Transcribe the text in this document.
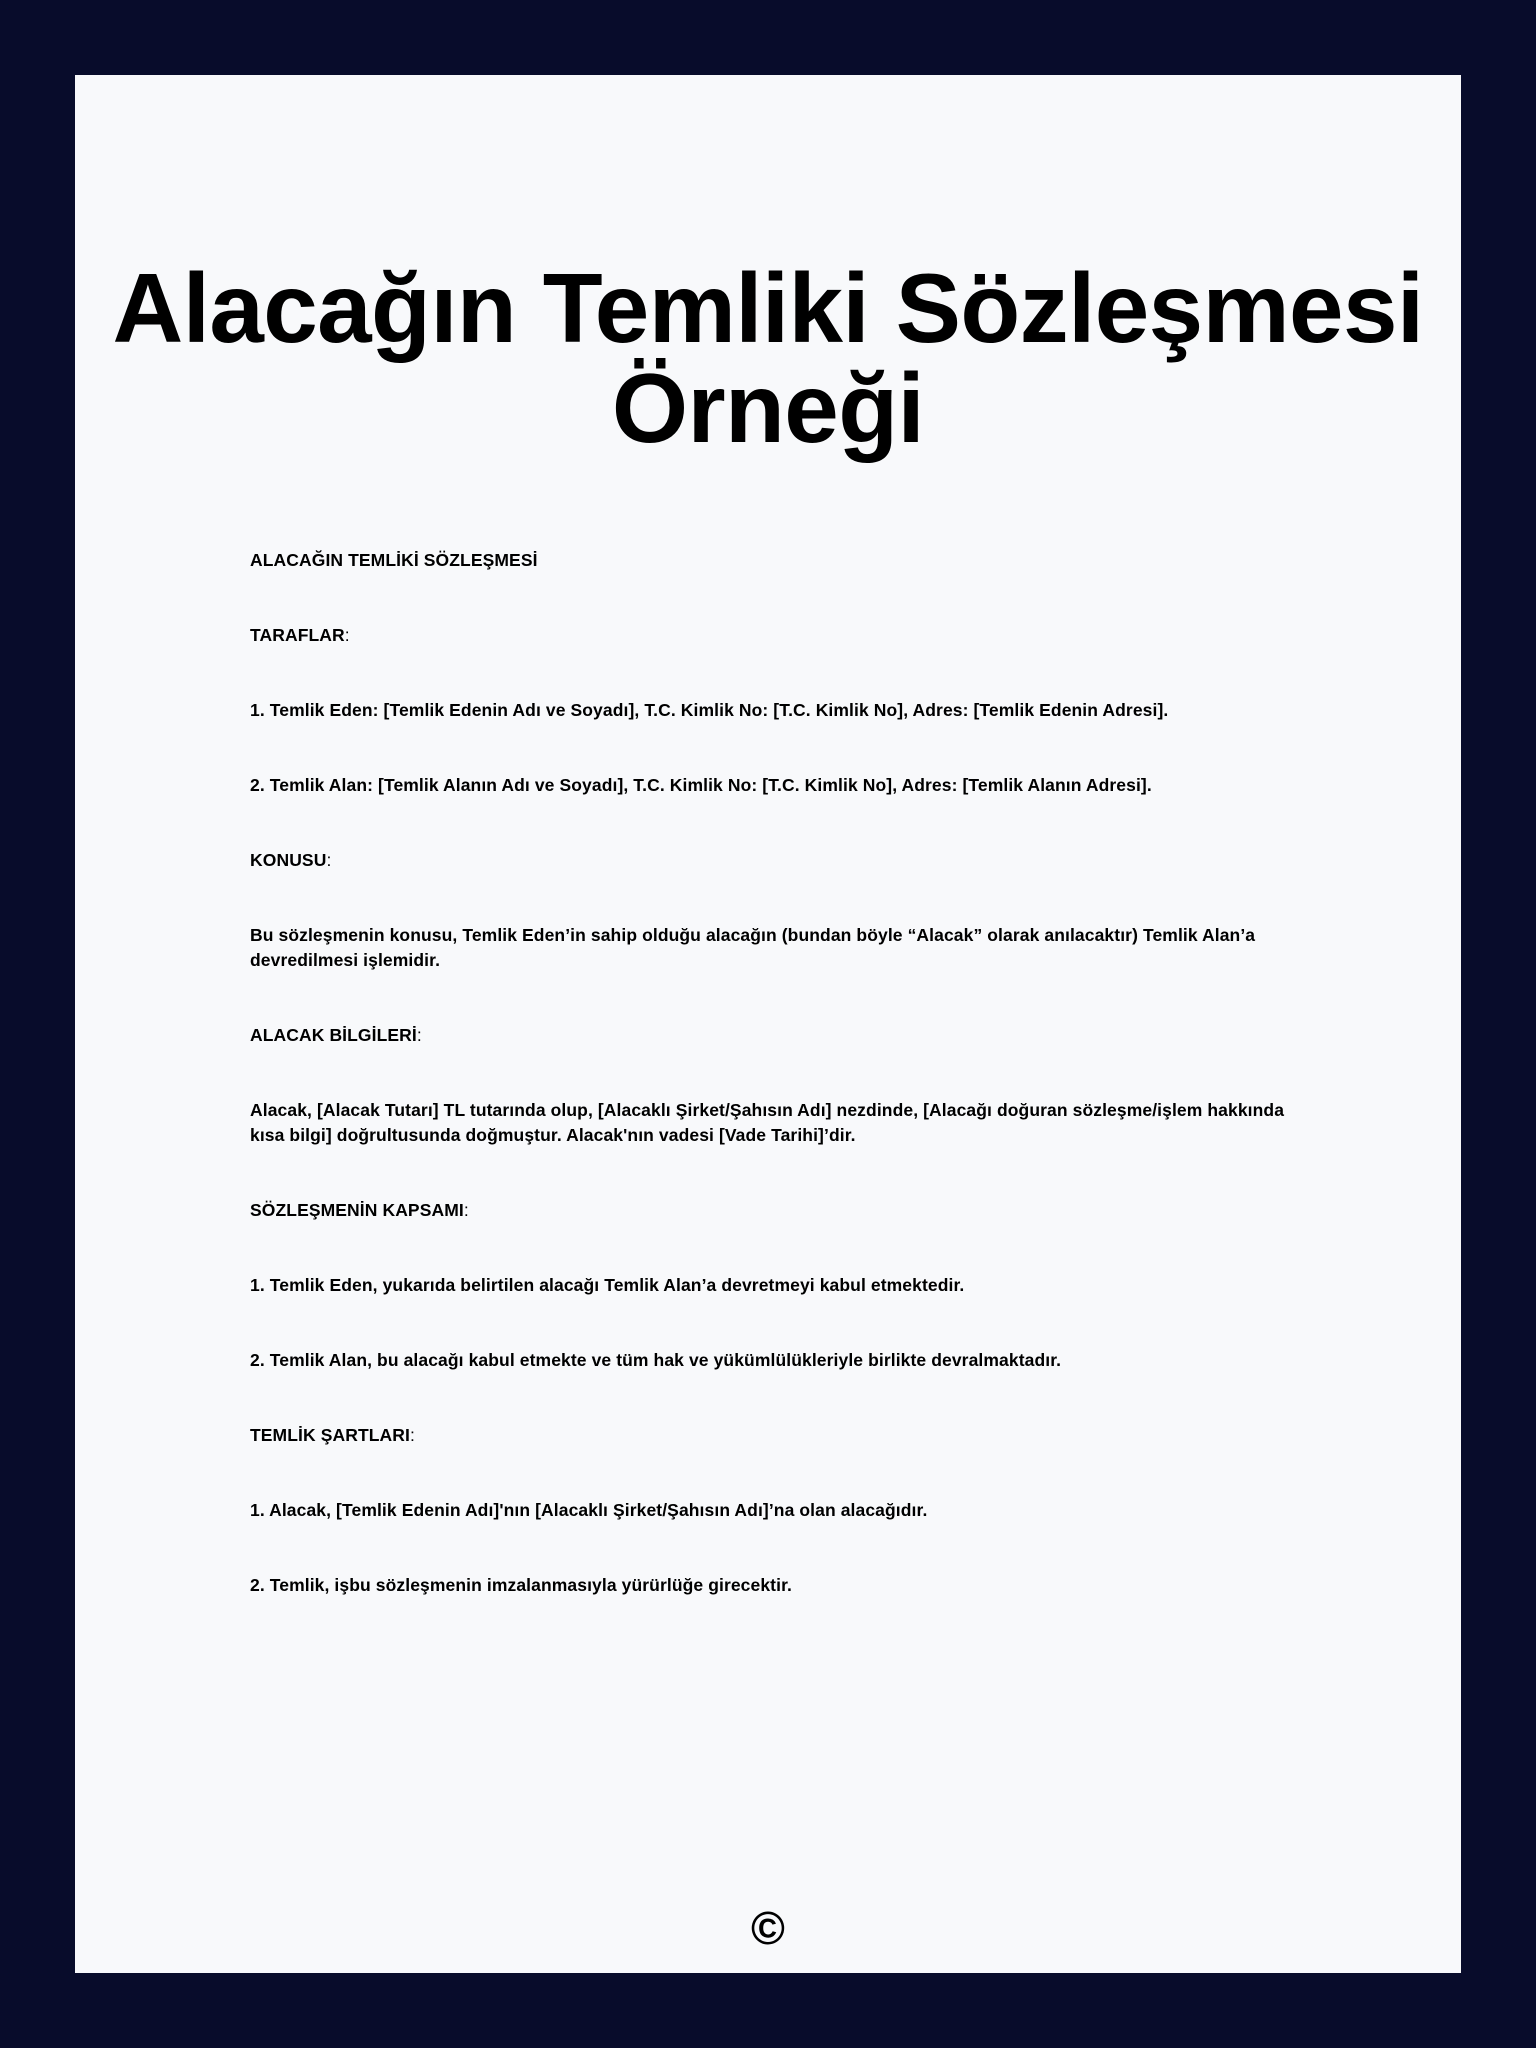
Alacağın Temliki Sözleşmesi
Örneği

ALACAĞIN TEMLİKİ SÖZLEŞMESİ

TARAFLAR:

1. Temlik Eden: [Temlik Edenin Adı ve Soyadı], T.C. Kimlik No: [T.C. Kimlik No], Adres: [Temlik Edenin Adresi].

2. Temlik Alan: [Temlik Alanın Adı ve Soyadı], T.C. Kimlik No: [T.C. Kimlik No], Adres: [Temlik Alanın Adresi].

KONUSU:

Bu sözleşmenin konusu, Temlik Eden’in sahip olduğu alacağın (bundan böyle “Alacak” olarak anılacaktır) Temlik Alan’a devredilmesi işlemidir.

ALACAK BİLGİLERİ:

Alacak, [Alacak Tutarı] TL tutarında olup, [Alacaklı Şirket/Şahısın Adı] nezdinde, [Alacağı doğuran sözleşme/işlem hakkında kısa bilgi] doğrultusunda doğmuştur. Alacak'nın vadesi [Vade Tarihi]’dir.

SÖZLEŞMENİN KAPSAMI:

1. Temlik Eden, yukarıda belirtilen alacağı Temlik Alan’a devretmeyi kabul etmektedir.

2. Temlik Alan, bu alacağı kabul etmekte ve tüm hak ve yükümlülükleriyle birlikte devralmaktadır.

TEMLİK ŞARTLARI:

1. Alacak, [Temlik Edenin Adı]'nın [Alacaklı Şirket/Şahısın Adı]’na olan alacağıdır.

2. Temlik, işbu sözleşmenin imzalanmasıyla yürürlüğe girecektir.

©
